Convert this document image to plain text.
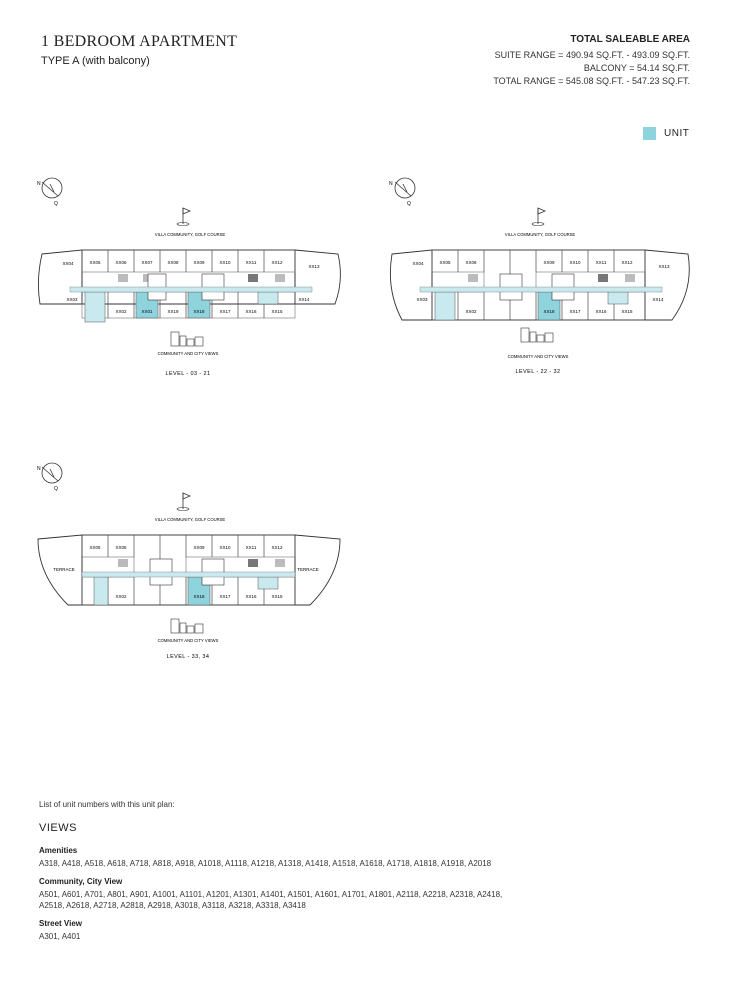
1 BEDROOM APARTMENT
TYPE A (with balcony)
TOTAL SALEABLE AREA
SUITE RANGE = 490.94 SQ.FT. - 493.09 SQ.FT.
BALCONY = 54.14 SQ.FT.
TOTAL RANGE = 545.08 SQ.FT. - 547.23 SQ.FT.
UNIT
N
Q
VILLA COMMUNITY, GOLF COURSE
XX04	XX05	XX06	XX07	XX08	XX09	XX10	XX11	XX12
XX13
XX03
XX02	XX01	XX19	XX18	XX17	XX16	XX15
XX14
COMMUNITY AND CITY VIEWS
LEVEL - 03 - 21
N
Q
VILLA COMMUNITY, GOLF COURSE
XX04	XX05	XX06	XX09	XX10	XX11	XX12
XX13
XX03
XX02	XX18	XX17	XX16	XX15
XX14
COMMUNITY AND CITY VIEWS
LEVEL - 22 - 32
N
Q
VILLA COMMUNITY, GOLF COURSE
TERRACE	TERRACE
XX05	XX06	XX09	XX10	XX11	XX12
XX02	XX18	XX17	XX16	XX15
COMMUNITY AND CITY VIEWS
LEVEL - 33, 34
List of unit numbers with this unit plan:
VIEWS
Amenities
A318, A418, A518, A618, A718, A818, A918, A1018, A1118, A1218, A1318, A1418, A1518, A1618, A1718, A1818, A1918, A2018
Community, City View
A501, A601, A701, A801, A901, A1001, A1101, A1201, A1301, A1401, A1501, A1601, A1701, A1801, A2118, A2218, A2318, A2418, A2518, A2618, A2718, A2818, A2918, A3018, A3118, A3218, A3318, A3418
Street View
A301, A401
